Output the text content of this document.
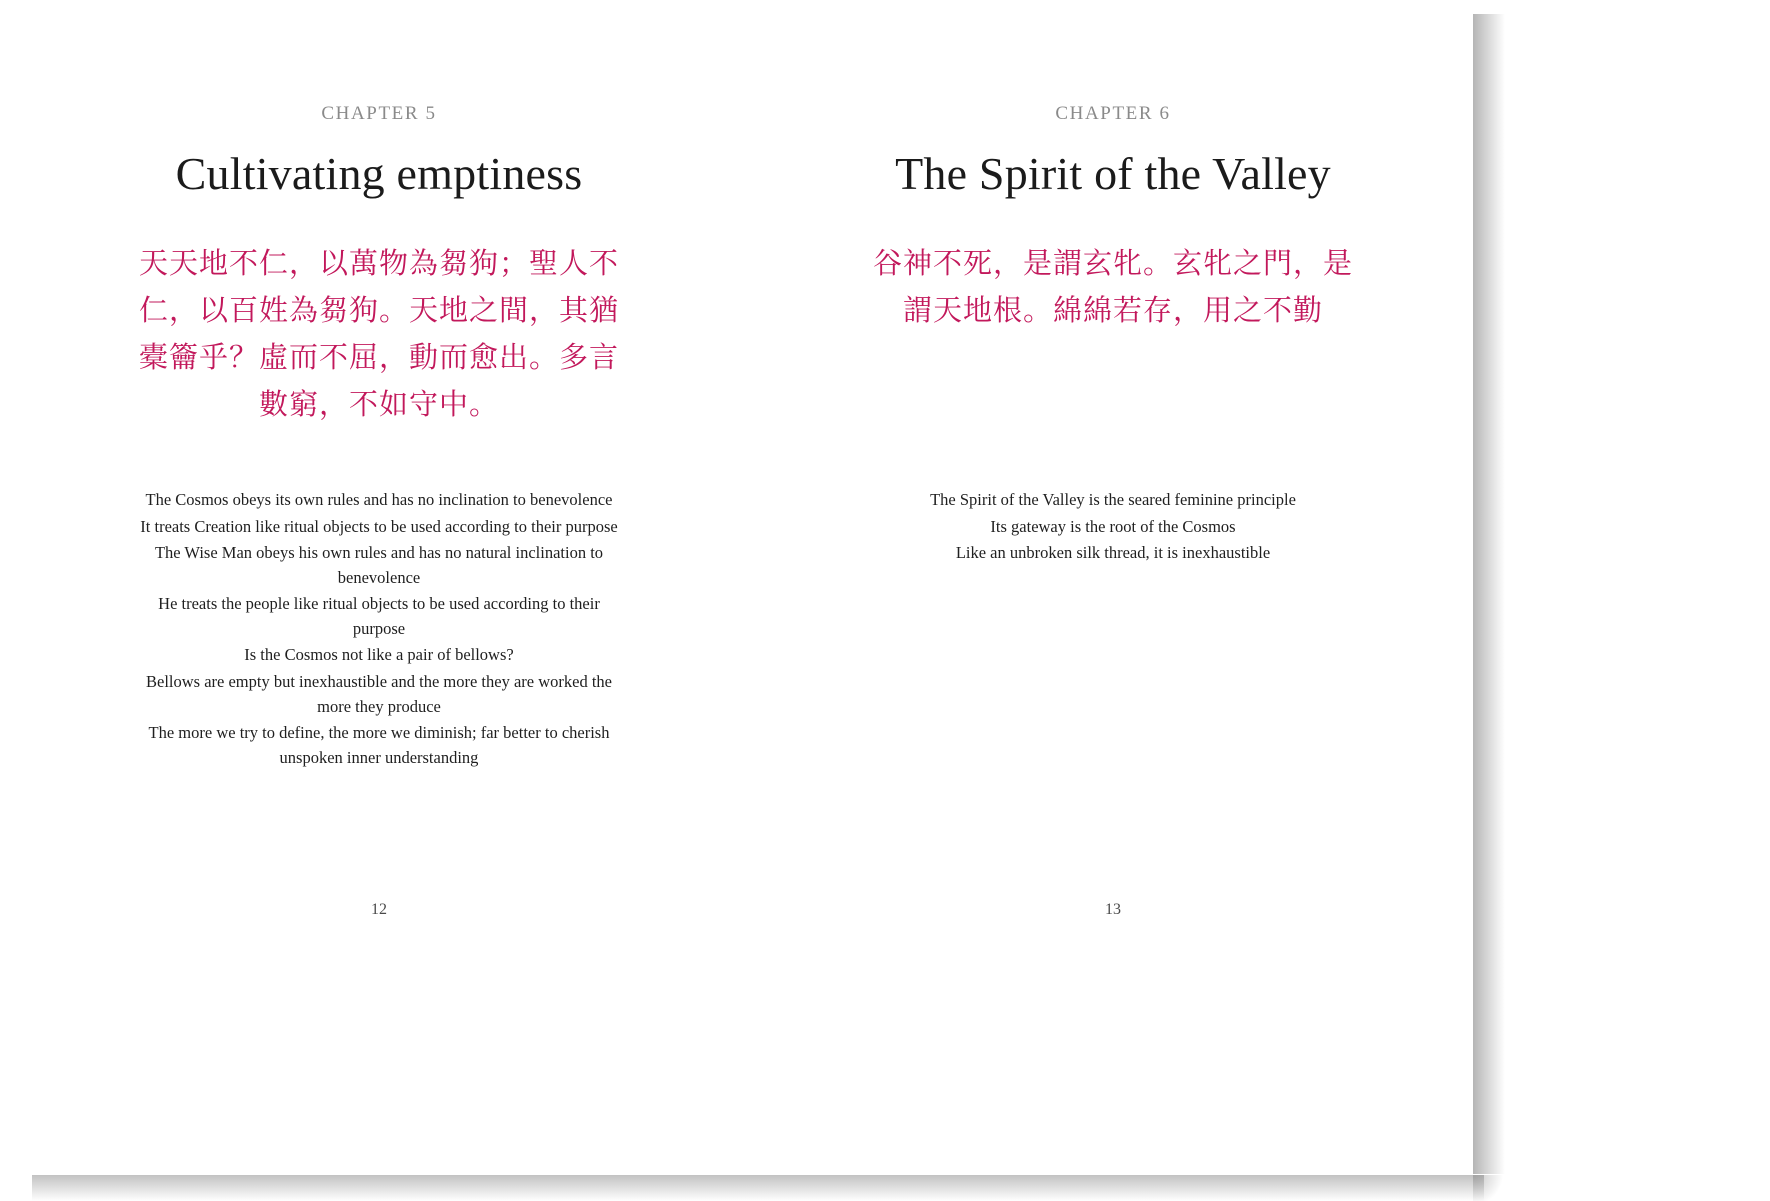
CHAPTER 5
Cultivating emptiness
天天地不仁，以萬物為芻狗；聖人不仁，以百姓為芻狗。天地之間，其猶橐籥乎？虛而不屈，動而愈出。多言數窮，不如守中。
The Cosmos obeys its own rules and has no inclination to benevolence
It treats Creation like ritual objects to be used according to their purpose
The Wise Man obeys his own rules and has no natural inclination to benevolence
He treats the people like ritual objects to be used according to their purpose
Is the Cosmos not like a pair of bellows?
Bellows are empty but inexhaustible and the more they are worked the more they produce
The more we try to define, the more we diminish; far better to cherish unspoken inner understanding
12
CHAPTER 6
The Spirit of the Valley
谷神不死，是謂玄牝。玄牝之門，是謂天地根。綿綿若存，用之不勤
The Spirit of the Valley is the seared feminine principle
Its gateway is the root of the Cosmos
Like an unbroken silk thread, it is inexhaustible
13
